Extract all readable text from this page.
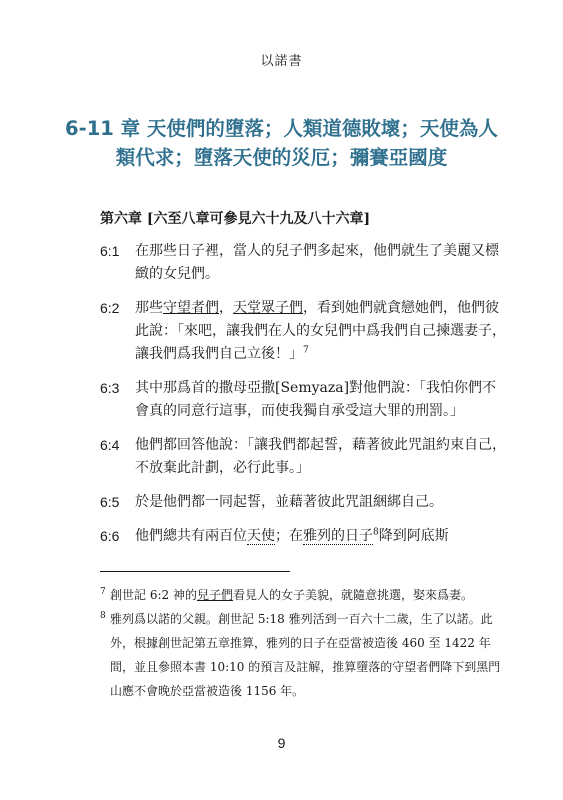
以諾書
6-11 章 天使們的墮落；人類道德敗壞；天使為人類代求；墮落天使的災厄；彌賽亞國度
第六章 [六至八章可參見六十九及八十六章]
6:1	在那些日子裡，當人的兒子們多起來，他們就生了美麗又標緻的女兒們。
6:2	那些守望者們，天堂眾子們，看到她們就貪戀她們，他們彼此說：「來吧，讓我們在人的女兒們中爲我們自己揀選妻子，讓我們爲我們自己立後！」$^7$
6:3	其中那爲首的撒母亞撒[Semyaza]對他們說：「我怕你們不會真的同意行這事，而使我獨自承受這大罪的刑罰。」
6:4	他們都回答他說：「讓我們都起誓，藉著彼此咒詛約束自己，不放棄此計劃，必行此事。」
6:5	於是他們都一同起誓，並藉著彼此咒詛綑綁自己。
6:6	他們總共有兩百位天使；在雅列的日子$^8$降到阿底斯
7 創世記 6:2 神的兒子們看見人的女子美貌，就隨意挑選，娶來爲妻。
8 雅列爲以諾的父親。創世記 5:18 雅列活到一百六十二歲，生了以諾。此外，根據創世記第五章推算，雅列的日子在亞當被造後 460 至 1422 年間，並且參照本書 10:10 的預言及註解，推算墮落的守望者們降下到黑門山應不會晚於亞當被造後 1156 年。
9
